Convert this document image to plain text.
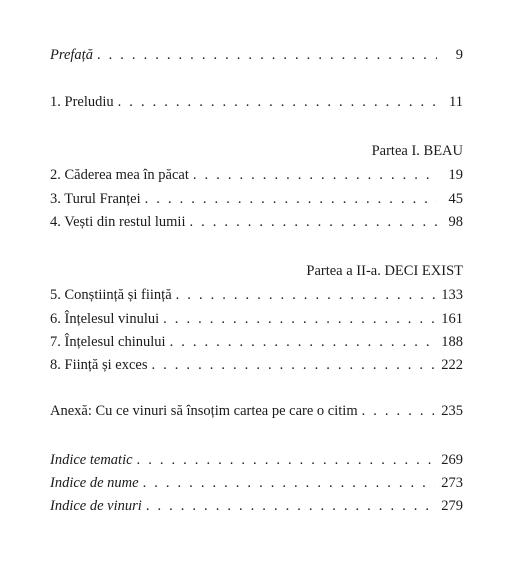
Prefață . . .	9
1. Preludiu . . .	11
Partea I. BEAU
2. Căderea mea în păcat . . .	19
3. Turul Franței . . .	45
4. Vești din restul lumii . . .	98
Partea a II-a. DECI EXIST
5. Conștiință și ființă . . .	133
6. Înțelesul vinului . . .	161
7. Înțelesul chinului . . .	188
8. Ființă și exces . . .	222
Anexă: Cu ce vinuri să însoțim cartea pe care o citim . . .	235
Indice tematic . . .	269
Indice de nume . . .	273
Indice de vinuri . . .	279
